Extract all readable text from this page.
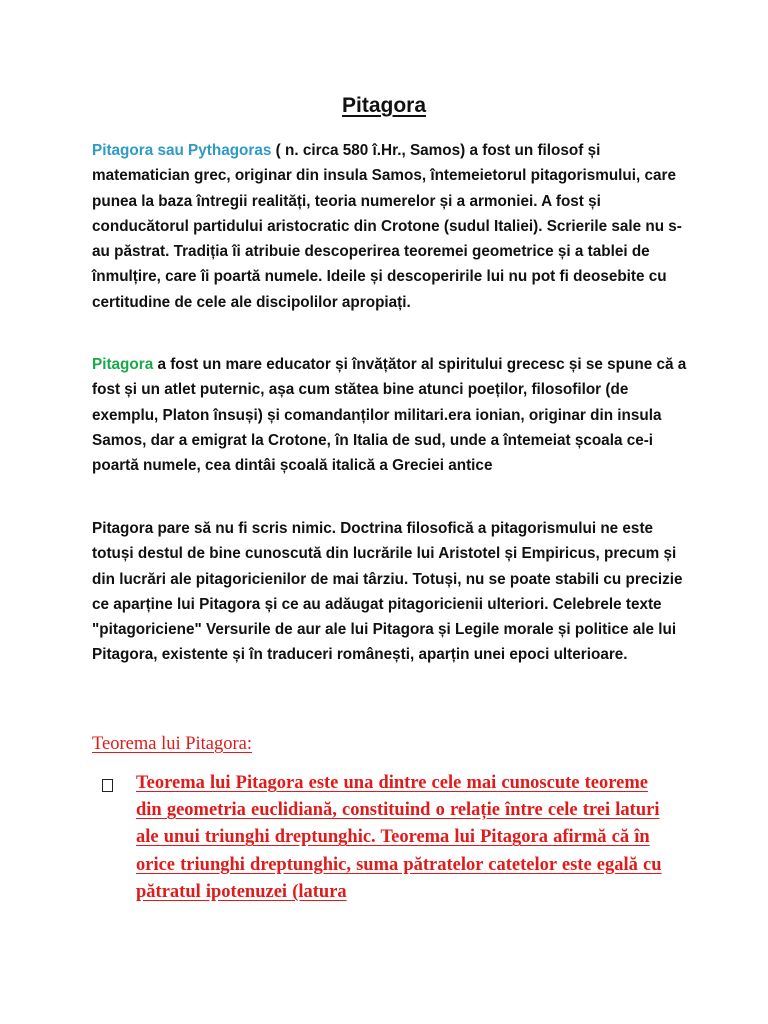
Pitagora

Pitagora sau Pythagoras ( n. circa 580 î.Hr., Samos) a fost un filosof și matematician grec, originar din insula Samos, întemeietorul pitagorismului, care punea la baza întregii realități, teoria numerelor și a armoniei. A fost și conducătorul partidului aristocratic din Crotone (sudul Italiei). Scrierile sale nu s-au păstrat. Tradiția îi atribuie descoperirea teoremei geometrice și a tablei de înmulțire, care îi poartă numele. Ideile și descoperirile lui nu pot fi deosebite cu certitudine de cele ale discipolilor apropiați.

Pitagora a fost un mare educator și învățător al spiritului grecesc și se spune că a fost și un atlet puternic, așa cum stătea bine atunci poeților, filosofilor (de exemplu, Platon însuși) și comandanților militari.era ionian, originar din insula Samos, dar a emigrat la Crotone, în Italia de sud, unde a întemeiat școala ce-i poartă numele, cea dintâi școală italică a Greciei antice

Pitagora pare să nu fi scris nimic. Doctrina filosofică a pitagorismului ne este totuși destul de bine cunoscută din lucrările lui Aristotel și Empiricus, precum și din lucrări ale pitagoricienilor de mai târziu. Totuși, nu se poate stabili cu precizie ce aparține lui Pitagora și ce au adăugat pitagoricienii ulteriori. Celebrele texte "pitagoriciene" Versurile de aur ale lui Pitagora și Legile morale și politice ale lui Pitagora, existente și în traduceri românești, aparțin unei epoci ulterioare.

Teorema lui Pitagora:
Teorema lui Pitagora este una dintre cele mai cunoscute teoreme din geometria euclidiană, constituind o relație între cele trei laturi ale unui triunghi dreptunghic. Teorema lui Pitagora afirmă că în orice triunghi dreptunghic, suma pătratelor catetelor este egală cu pătratul ipotenuzei (latura
